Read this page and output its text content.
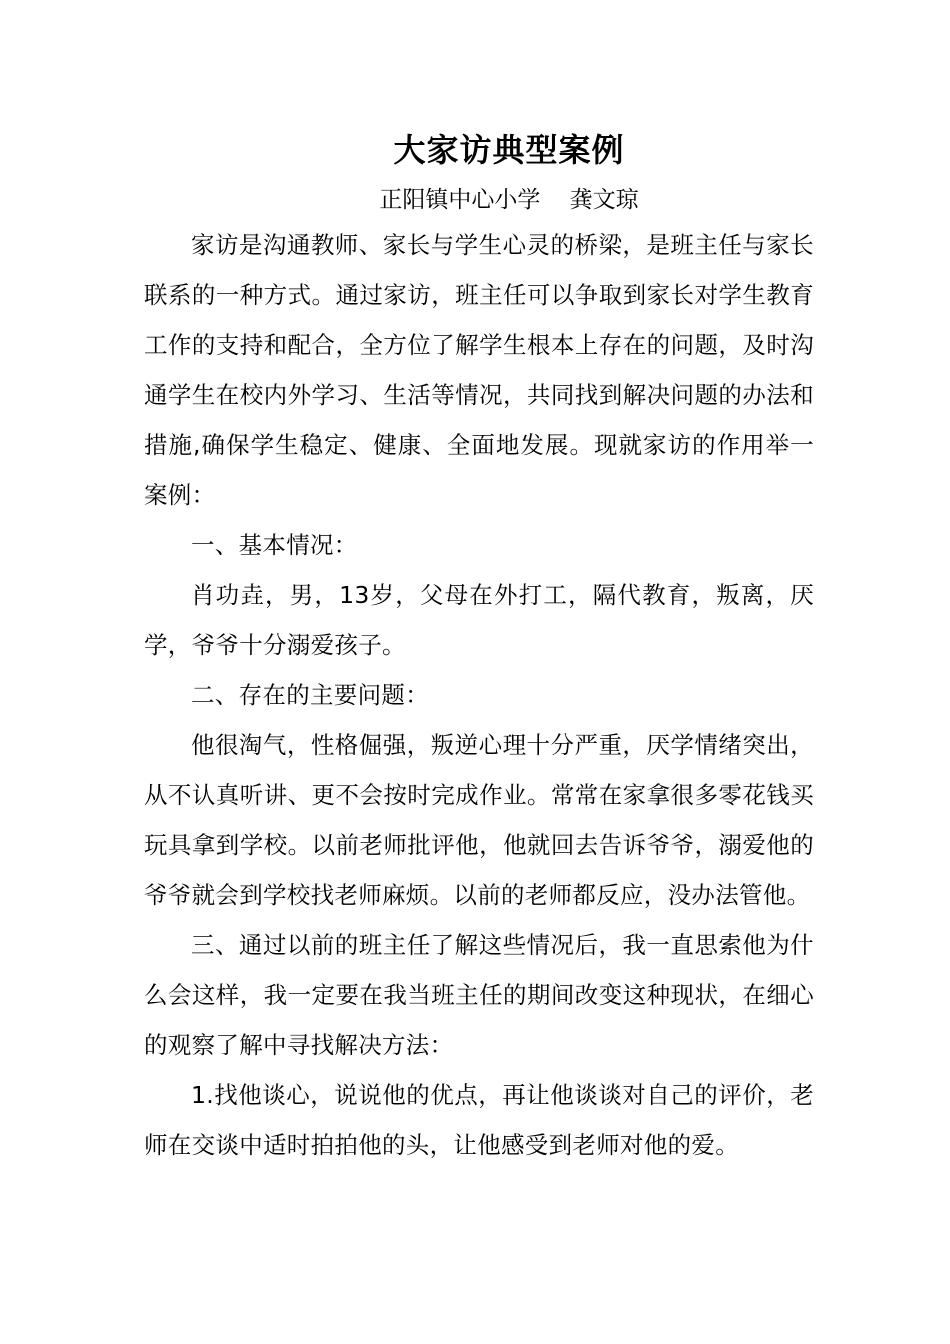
大家访典型案例
正阳镇中心小学    龚文琼

家访是沟通教师、家长与学生心灵的桥梁，是班主任与家长联系的一种方式。通过家访，班主任可以争取到家长对学生教育工作的支持和配合，全方位了解学生根本上存在的问题，及时沟通学生在校内外学习、生活等情况，共同找到解决问题的办法和措施,确保学生稳定、健康、全面地发展。现就家访的作用举一案例：

一、基本情况：

肖功垚，男，13岁，父母在外打工，隔代教育，叛离，厌学，爷爷十分溺爱孩子。

二、存在的主要问题：

他很淘气，性格倔强，叛逆心理十分严重，厌学情绪突出，从不认真听讲、更不会按时完成作业。常常在家拿很多零花钱买玩具拿到学校。以前老师批评他，他就回去告诉爷爷，溺爱他的爷爷就会到学校找老师麻烦。以前的老师都反应，没办法管他。

三、通过以前的班主任了解这些情况后，我一直思索他为什么会这样，我一定要在我当班主任的期间改变这种现状，在细心的观察了解中寻找解决方法：

1.找他谈心，说说他的优点，再让他谈谈对自己的评价，老师在交谈中适时拍拍他的头，让他感受到老师对他的爱。
